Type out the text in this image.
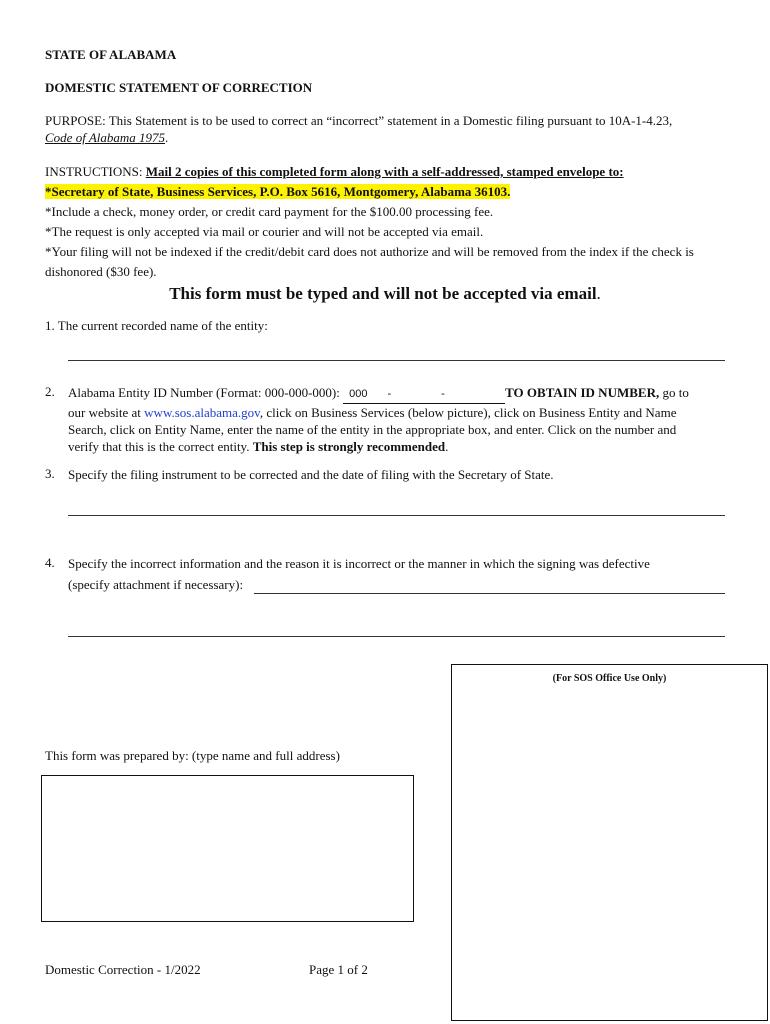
STATE OF ALABAMA
DOMESTIC STATEMENT OF CORRECTION
PURPOSE: This Statement is to be used to correct an “incorrect” statement in a Domestic filing pursuant to 10A-1-4.23, Code of Alabama 1975.
INSTRUCTIONS: Mail 2 copies of this completed form along with a self-addressed, stamped envelope to:
*Secretary of State, Business Services, P.O. Box 5616, Montgomery, Alabama 36103.
*Include a check, money order, or credit card payment for the $100.00 processing fee.
*The request is only accepted via mail or courier and will not be accepted via email.
*Your filing will not be indexed if the credit/debit card does not authorize and will be removed from the index if the check is dishonored ($30 fee).
This form must be typed and will not be accepted via email.
1. The current recorded name of the entity:
2. Alabama Entity ID Number (Format: 000-000-000): 000 -	-	TO OBTAIN ID NUMBER, go to our website at www.sos.alabama.gov, click on Business Services (below picture), click on Business Entity and Name Search, click on Entity Name, enter the name of the entity in the appropriate box, and enter. Click on the number and verify that this is the correct entity. This step is strongly recommended.
3. Specify the filing instrument to be corrected and the date of filing with the Secretary of State.
4. Specify the incorrect information and the reason it is incorrect or the manner in which the signing was defective
(specify attachment if necessary):
(For SOS Office Use Only)
This form was prepared by: (type name and full address)
Domestic Correction - 1/2022	Page 1 of 2
